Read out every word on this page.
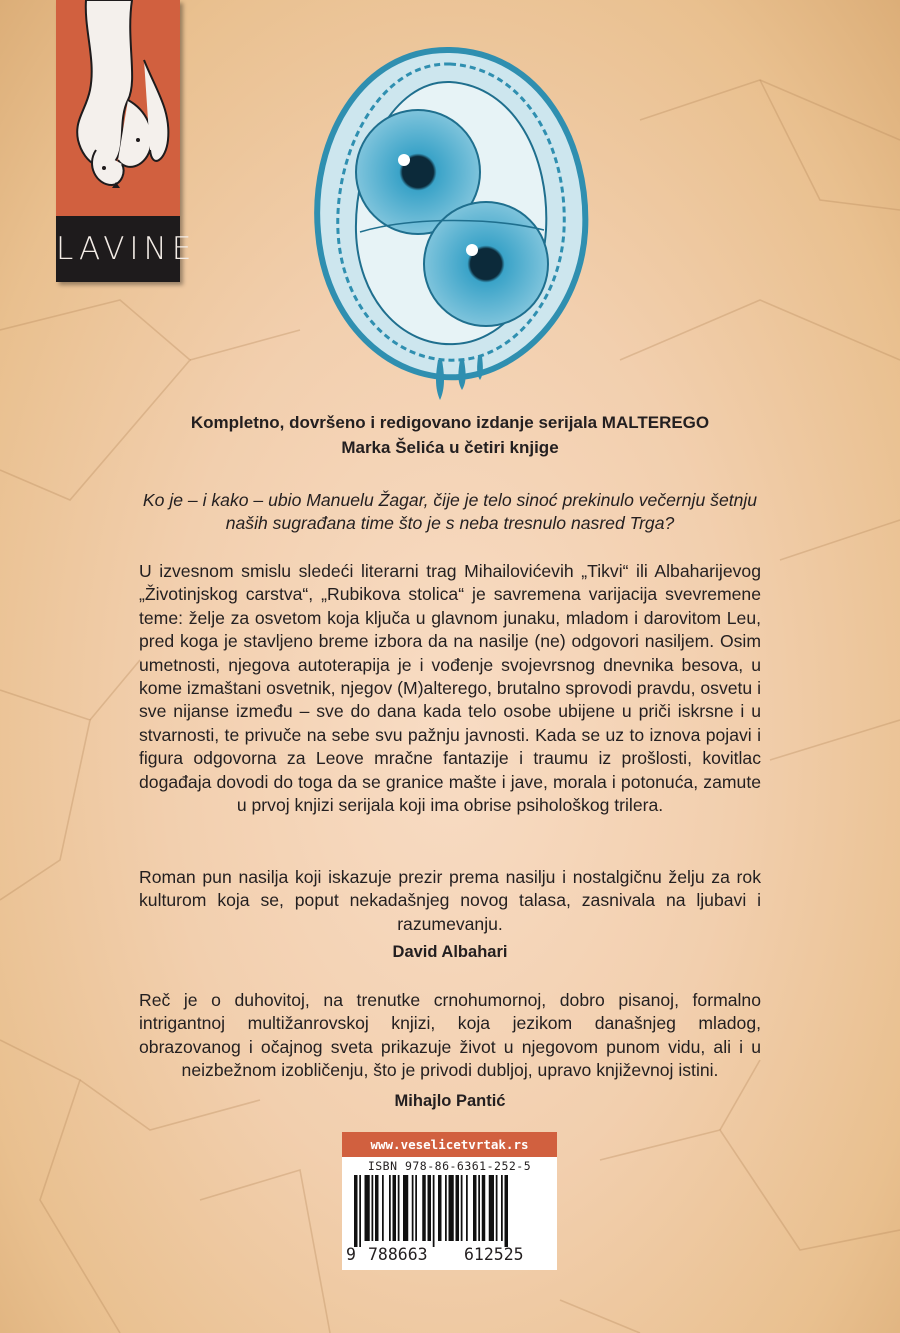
LAVINE
Kompletno, dovršeno i redigovano izdanje serijala MALTEREGO
Marka Šelića u četiri knjige
Ko je – i kako – ubio Manuelu Žagar, čije je telo sinoć prekinulo večernju šetnju naših sugrađana time što je s neba tresnulo nasred Trga?
U izvesnom smislu sledeći literarni trag Mihailovićevih „Tikvi“ ili Albaharijevog „Životinjskog carstva“, „Rubikova stolica“ je savremena varijacija svevremene teme: želje za osvetom koja ključa u glavnom junaku, mladom i darovitom Leu, pred koga je stavljeno breme izbora da na nasilje (ne) odgovori nasiljem. Osim umetnosti, njegova autoterapija je i vođenje svojevrsnog dnevnika besova, u kome izmaštani osvetnik, njegov (M)alterego, brutalno sprovodi pravdu, osvetu i sve nijanse između – sve do dana kada telo osobe ubijene u priči iskrsne i u stvarnosti, te privuče na sebe svu pažnju javnosti. Kada se uz to iznova pojavi i figura odgovorna za Leove mračne fantazije i traumu iz prošlosti, kovitlac događaja dovodi do toga da se granice mašte i jave, morala i potonuća, zamute u prvoj knjizi serijala koji ima obrise psihološkog trilera.
Roman pun nasilja koji iskazuje prezir prema nasilju i nostalgičnu želju za rok kulturom koja se, poput nekadašnjeg novog talasa, zasnivala na ljubavi i razumevanju.
David Albahari
Reč je o duhovitoj, na trenutke crnohumornoj, dobro pisanoj, formalno intrigantnoj multižanrovskoj knjizi, koja jezikom današnjeg mladog, obrazovanog i očajnog sveta prikazuje život u njegovom punom vidu, ali i u neizbežnom izobličenju, što je privodi dubljoj, upravo književnoj istini.
Mihajlo Pantić
www.veselicetvrtak.rs
ISBN 978-86-6361-252-5
9 788663 612525
